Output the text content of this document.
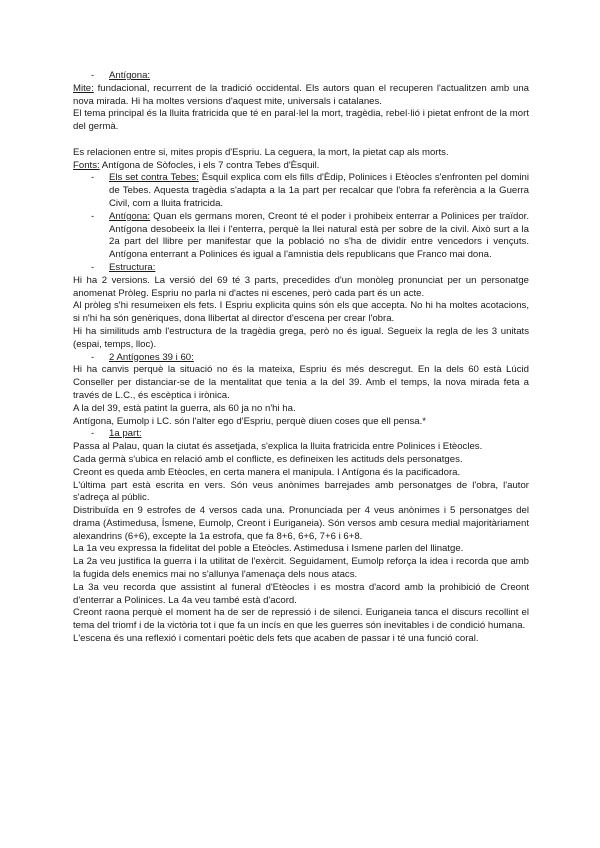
- Antígona:

Mite: fundacional, recurrent de la tradició occidental. Els autors quan el recuperen l'actualitzen amb una nova mirada. Hi ha moltes versions d'aquest mite, universals i catalanes.

El tema principal és la lluita fratricida que té en paral·lel la mort, tragèdia, rebel·lió i pietat enfront de la mort del germà.

Es relacionen entre si, mites propis d'Espriu. La ceguera, la mort, la pietat cap als morts.

Fonts: Antígona de Sòfocles, i els 7 contra Tebes d'Èsquil.

- Els set contra Tebes: Èsquil explica com els fills d'Èdip, Polinices i Etèocles s'enfronten pel domini de Tebes. Aquesta tragèdia s'adapta a la 1a part per recalcar que l'obra fa referència a la Guerra Civil, com a lluita fratricida.

- Antígona: Quan els germans moren, Creont té el poder i prohibeix enterrar a Polinices per traïdor. Antígona desobeeix la llei i l'enterra, perquè la llei natural està per sobre de la civil. Això surt a la 2a part del llibre per manifestar que la població no s'ha de dividir entre vencedors i vençuts. Antígona enterrant a Polinices és igual a l'amnistia dels republicans que Franco mai dona.

- Estructura:

Hi ha 2 versions. La versió del 69 té 3 parts, precedides d'un monòleg pronunciat per un personatge anomenat Pròleg. Espriu no parla ni d'actes ni escenes, però cada part és un acte.

Al pròleg s'hi resumeixen els fets. I Espriu explicita quins són els que accepta. No hi ha moltes acotacions, si n'hi ha són genèriques, dona llibertat al director d'escena per crear l'obra.

Hi ha similituds amb l'estructura de la tragèdia grega, però no és igual. Segueix la regla de les 3 unitats (espai, temps, lloc).

- 2 Antígones 39 i 60:

Hi ha canvis perquè la situació no és la mateixa, Espriu és més descregut. En la dels 60 està Lúcid Conseller per distanciar-se de la mentalitat que tenia a la del 39. Amb el temps, la nova mirada feta a través de L.C., és escèptica i irònica.

A la del 39, està patint la guerra, als 60 ja no n'hi ha.

Antígona, Eumolp i LC. són l'alter ego d'Espriu, perquè diuen coses que ell pensa.*

- 1a part:

Passa al Palau, quan la ciutat és assetjada, s'explica la lluita fratricida entre Polinices i Etèocles.

Cada germà s'ubica en relació amb el conflicte, es defineixen les actituds dels personatges.

Creont es queda amb Etèocles, en certa manera el manipula. I Antígona és la pacificadora.

L'última part està escrita en vers. Són veus anònimes barrejades amb personatges de l'obra, l'autor s'adreça al públic.

Distribuïda en 9 estrofes de 4 versos cada una. Pronunciada per 4 veus anònimes i 5 personatges del drama (Astimedusa, Ísmene, Eumolp, Creont i Euriganeia). Són versos amb cesura medial majoritàriament alexandrins (6+6), excepte la 1a estrofa, que fa 8+6, 6+6, 7+6 i 6+8.

La 1a veu expressa la fidelitat del poble a Eteòcles. Astimedusa i Ismene parlen del llinatge.

La 2a veu justifica la guerra i la utilitat de l'exèrcit. Seguidament, Eumolp reforça la idea i recorda que amb la fugida dels enemics mai no s'allunya l'amenaça dels nous atacs.

La 3a veu recorda que assistint al funeral d'Etèocles i es mostra d'acord amb la prohibició de Creont d'enterrar a Polinices. La 4a veu també està d'acord.

Creont raona perquè el moment ha de ser de repressió i de silenci. Euriganeia tanca el discurs recollint el tema del triomf i de la victòria tot i que fa un incís en que les guerres són inevitables i de condició humana.

L'escena és una reflexió i comentari poètic dels fets que acaben de passar i té una funció coral.
